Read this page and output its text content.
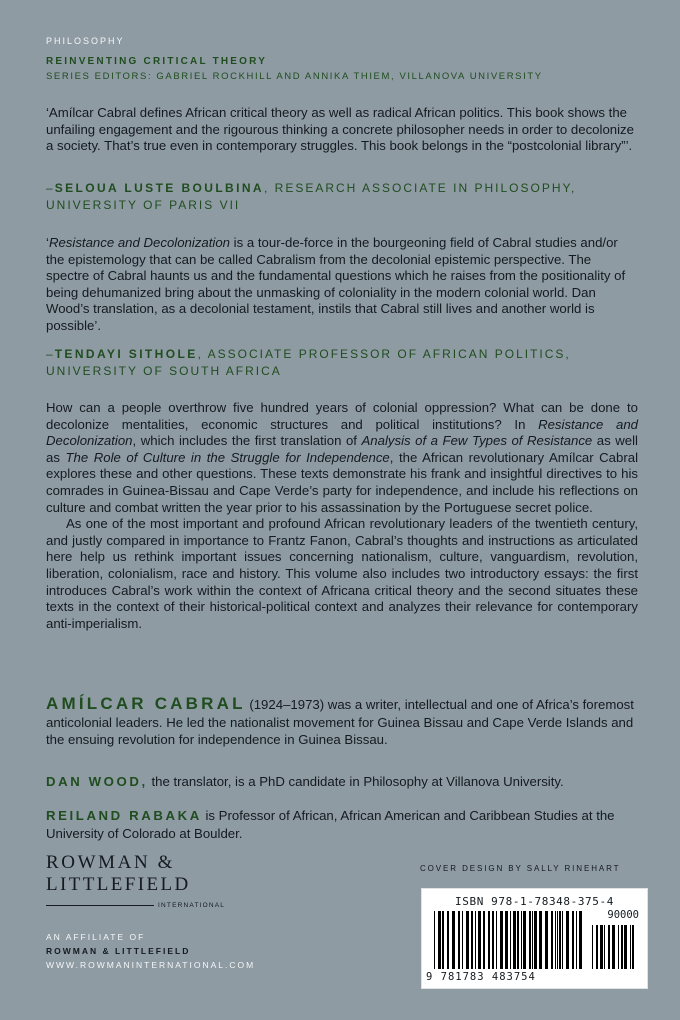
PHILOSOPHY
REINVENTING CRITICAL THEORY
SERIES EDITORS: GABRIEL ROCKHILL AND ANNIKA THIEM, VILLANOVA UNIVERSITY
‘Amílcar Cabral defines African critical theory as well as radical African politics. This book shows the unfailing engagement and the rigourous thinking a concrete philosopher needs in order to decolonize a society. That’s true even in contemporary struggles. This book belongs in the “postcolonial library”’.
–SELOUA LUSTE BOULBINA, RESEARCH ASSOCIATE IN PHILOSOPHY, UNIVERSITY OF PARIS VII
‘Resistance and Decolonization is a tour-de-force in the bourgeoning field of Cabral studies and/or the epistemology that can be called Cabralism from the decolonial epistemic perspective. The spectre of Cabral haunts us and the fundamental questions which he raises from the positionality of being dehumanized bring about the unmasking of coloniality in the modern colonial world. Dan Wood’s translation, as a decolonial testament, instils that Cabral still lives and another world is possible’.
–TENDAYI SITHOLE, ASSOCIATE PROFESSOR OF AFRICAN POLITICS, UNIVERSITY OF SOUTH AFRICA

How can a people overthrow five hundred years of colonial oppression? What can be done to decolonize mentalities, economic structures and political institutions? In Resistance and Decolonization, which includes the first translation of Analysis of a Few Types of Resistance as well as The Role of Culture in the Struggle for Independence, the African revolutionary Amílcar Cabral explores these and other questions. These texts demonstrate his frank and insightful directives to his comrades in Guinea-Bissau and Cape Verde’s party for independence, and include his reflections on culture and combat written the year prior to his assassination by the Portuguese secret police.

As one of the most important and profound African revolutionary leaders of the twentieth century, and justly compared in importance to Frantz Fanon, Cabral’s thoughts and instructions as articulated here help us rethink important issues concerning nationalism, culture, vanguardism, revolution, liberation, colonialism, race and history. This volume also includes two introductory essays: the first introduces Cabral’s work within the context of Africana critical theory and the second situates these texts in the context of their historical-political context and analyzes their relevance for contemporary anti-imperialism.

AMÍLCAR CABRAL (1924–1973) was a writer, intellectual and one of Africa’s foremost anticolonial leaders. He led the nationalist movement for Guinea Bissau and Cape Verde Islands and the ensuing revolution for independence in Guinea Bissau.
DAN WOOD, the translator, is a PhD candidate in Philosophy at Villanova University.
REILAND RABAKA is Professor of African, African American and Caribbean Studies at the University of Colorado at Boulder.
ROWMAN &
LITTLEFIELD
INTERNATIONAL
AN AFFILIATE OF
ROWMAN & LITTLEFIELD
WWW.ROWMANINTERNATIONAL.COM
COVER DESIGN BY SALLY RINEHART
ISBN 978-1-78348-375-4
9 781783 483754
90000
